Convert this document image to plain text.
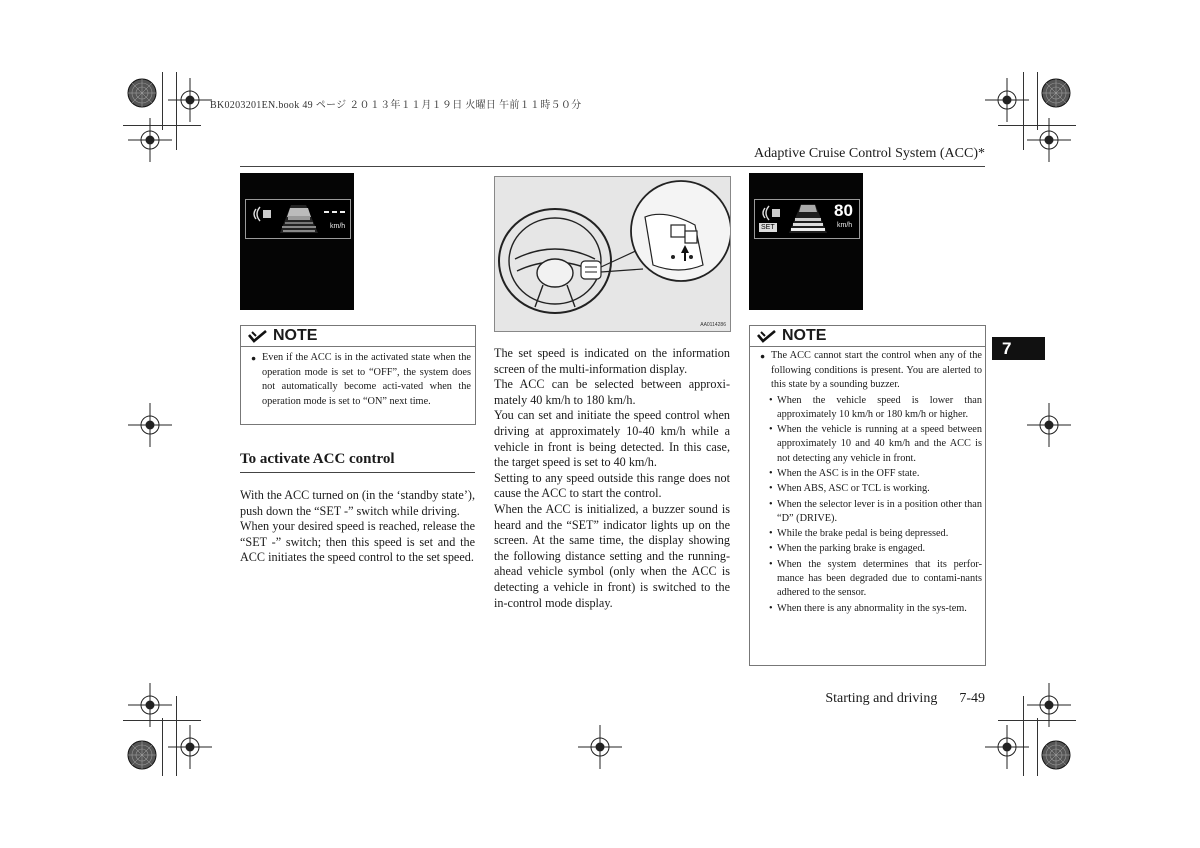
BK0203201EN.book 49 ページ ２０１３年１１月１９日 火曜日 午前１１時５０分
Adaptive Cruise Control System (ACC)*
km/h
NOTE
● Even if the ACC is in the activated state when the operation mode is set to “OFF”, the system does not automatically become acti-vated when the operation mode is set to “ON” next time.
To activate ACC control

With the ACC turned on (in the ‘standby state’), push down the “SET -” switch while driving.

When your desired speed is reached, release the “SET -” switch; then this speed is set and the ACC initiates the speed control to the set speed.

AA0114286

The set speed is indicated on the information screen of the multi-information display.

The ACC can be selected between approxi-mately 40 km/h to 180 km/h.

You can set and initiate the speed control when driving at approximately 10-40 km/h while a vehicle in front is being detected. In this case, the target speed is set to 40 km/h.

Setting to any speed outside this range does not cause the ACC to start the control.

When the ACC is initialized, a buzzer sound is heard and the “SET” indicator lights up on the screen. At the same time, the display showing the following distance setting and the running-ahead vehicle symbol (only when the ACC is detecting a vehicle in front) is switched to the in-control mode display.

SET
80
km/h
NOTE
● The ACC cannot start the control when any of the following conditions is present. You are alerted to this state by a sounding buzzer.
• When the vehicle speed is lower than approximately 10 km/h or 180 km/h or higher.
• When the vehicle is running at a speed between approximately 10 and 40 km/h and the ACC is not detecting any vehicle in front.
• When the ASC is in the OFF state.
• When ABS, ASC or TCL is working.
• When the selector lever is in a position other than “D” (DRIVE).
• While the brake pedal is being depressed.
• When the parking brake is engaged.
• When the system determines that its perfor-mance has been degraded due to contami-nants adhered to the sensor.
• When there is any abnormality in the sys-tem.
7
Starting and driving 7-49
